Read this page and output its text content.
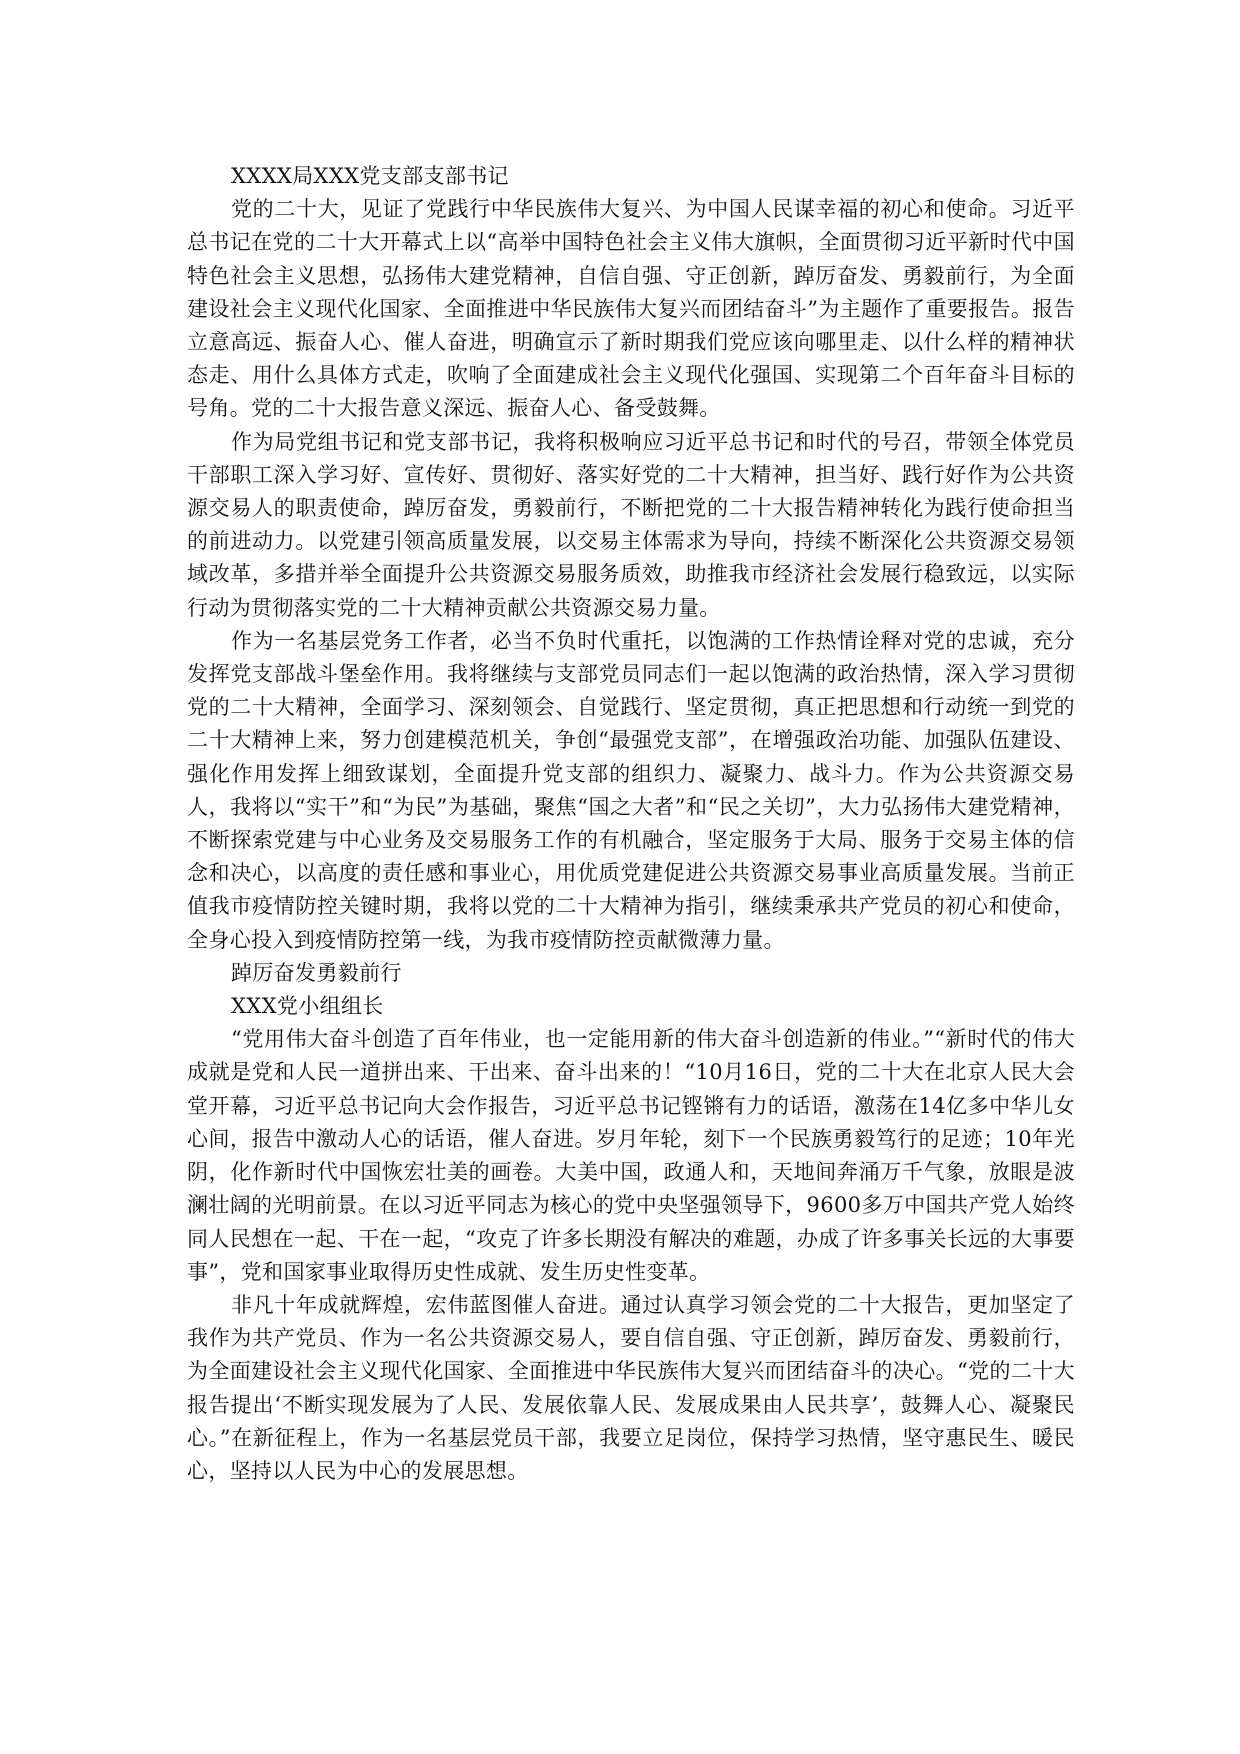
XXXX局XXX党支部支部书记

党的二十大，见证了党践行中华民族伟大复兴、为中国人民谋幸福的初心和使命。习近平总书记在党的二十大开幕式上以“高举中国特色社会主义伟大旗帜，全面贯彻习近平新时代中国特色社会主义思想，弘扬伟大建党精神，自信自强、守正创新，踔厉奋发、勇毅前行，为全面建设社会主义现代化国家、全面推进中华民族伟大复兴而团结奋斗”为主题作了重要报告。报告立意高远、振奋人心、催人奋进，明确宣示了新时期我们党应该向哪里走、以什么样的精神状态走、用什么具体方式走，吹响了全面建成社会主义现代化强国、实现第二个百年奋斗目标的号角。党的二十大报告意义深远、振奋人心、备受鼓舞。

作为局党组书记和党支部书记，我将积极响应习近平总书记和时代的号召，带领全体党员干部职工深入学习好、宣传好、贯彻好、落实好党的二十大精神，担当好、践行好作为公共资源交易人的职责使命，踔厉奋发，勇毅前行，不断把党的二十大报告精神转化为践行使命担当的前进动力。以党建引领高质量发展，以交易主体需求为导向，持续不断深化公共资源交易领域改革，多措并举全面提升公共资源交易服务质效，助推我市经济社会发展行稳致远，以实际行动为贯彻落实党的二十大精神贡献公共资源交易力量。

作为一名基层党务工作者，必当不负时代重托，以饱满的工作热情诠释对党的忠诚，充分发挥党支部战斗堡垒作用。我将继续与支部党员同志们一起以饱满的政治热情，深入学习贯彻党的二十大精神，全面学习、深刻领会、自觉践行、坚定贯彻，真正把思想和行动统一到党的二十大精神上来，努力创建模范机关，争创“最强党支部”，在增强政治功能、加强队伍建设、强化作用发挥上细致谋划，全面提升党支部的组织力、凝聚力、战斗力。作为公共资源交易人，我将以“实干”和“为民”为基础，聚焦“国之大者”和“民之关切”，大力弘扬伟大建党精神，不断探索党建与中心业务及交易服务工作的有机融合，坚定服务于大局、服务于交易主体的信念和决心，以高度的责任感和事业心，用优质党建促进公共资源交易事业高质量发展。当前正值我市疫情防控关键时期，我将以党的二十大精神为指引，继续秉承共产党员的初心和使命，全身心投入到疫情防控第一线，为我市疫情防控贡献微薄力量。

踔厉奋发勇毅前行

XXX党小组组长

“党用伟大奋斗创造了百年伟业，也一定能用新的伟大奋斗创造新的伟业。”“新时代的伟大成就是党和人民一道拼出来、干出来、奋斗出来的！“10月16日，党的二十大在北京人民大会堂开幕，习近平总书记向大会作报告，习近平总书记铿锵有力的话语，激荡在14亿多中华儿女心间，报告中激动人心的话语，催人奋进。岁月年轮，刻下一个民族勇毅笃行的足迹；10年光阴，化作新时代中国恢宏壮美的画卷。大美中国，政通人和，天地间奔涌万千气象，放眼是波澜壮阔的光明前景。在以习近平同志为核心的党中央坚强领导下，9600多万中国共产党人始终同人民想在一起、干在一起，“攻克了许多长期没有解决的难题，办成了许多事关长远的大事要事”，党和国家事业取得历史性成就、发生历史性变革。

非凡十年成就辉煌，宏伟蓝图催人奋进。通过认真学习领会党的二十大报告，更加坚定了我作为共产党员、作为一名公共资源交易人，要自信自强、守正创新，踔厉奋发、勇毅前行，为全面建设社会主义现代化国家、全面推进中华民族伟大复兴而团结奋斗的决心。“党的二十大报告提出‘不断实现发展为了人民、发展依靠人民、发展成果由人民共享’，鼓舞人心、凝聚民心。”在新征程上，作为一名基层党员干部，我要立足岗位，保持学习热情，坚守惠民生、暖民心，坚持以人民为中心的发展思想。
